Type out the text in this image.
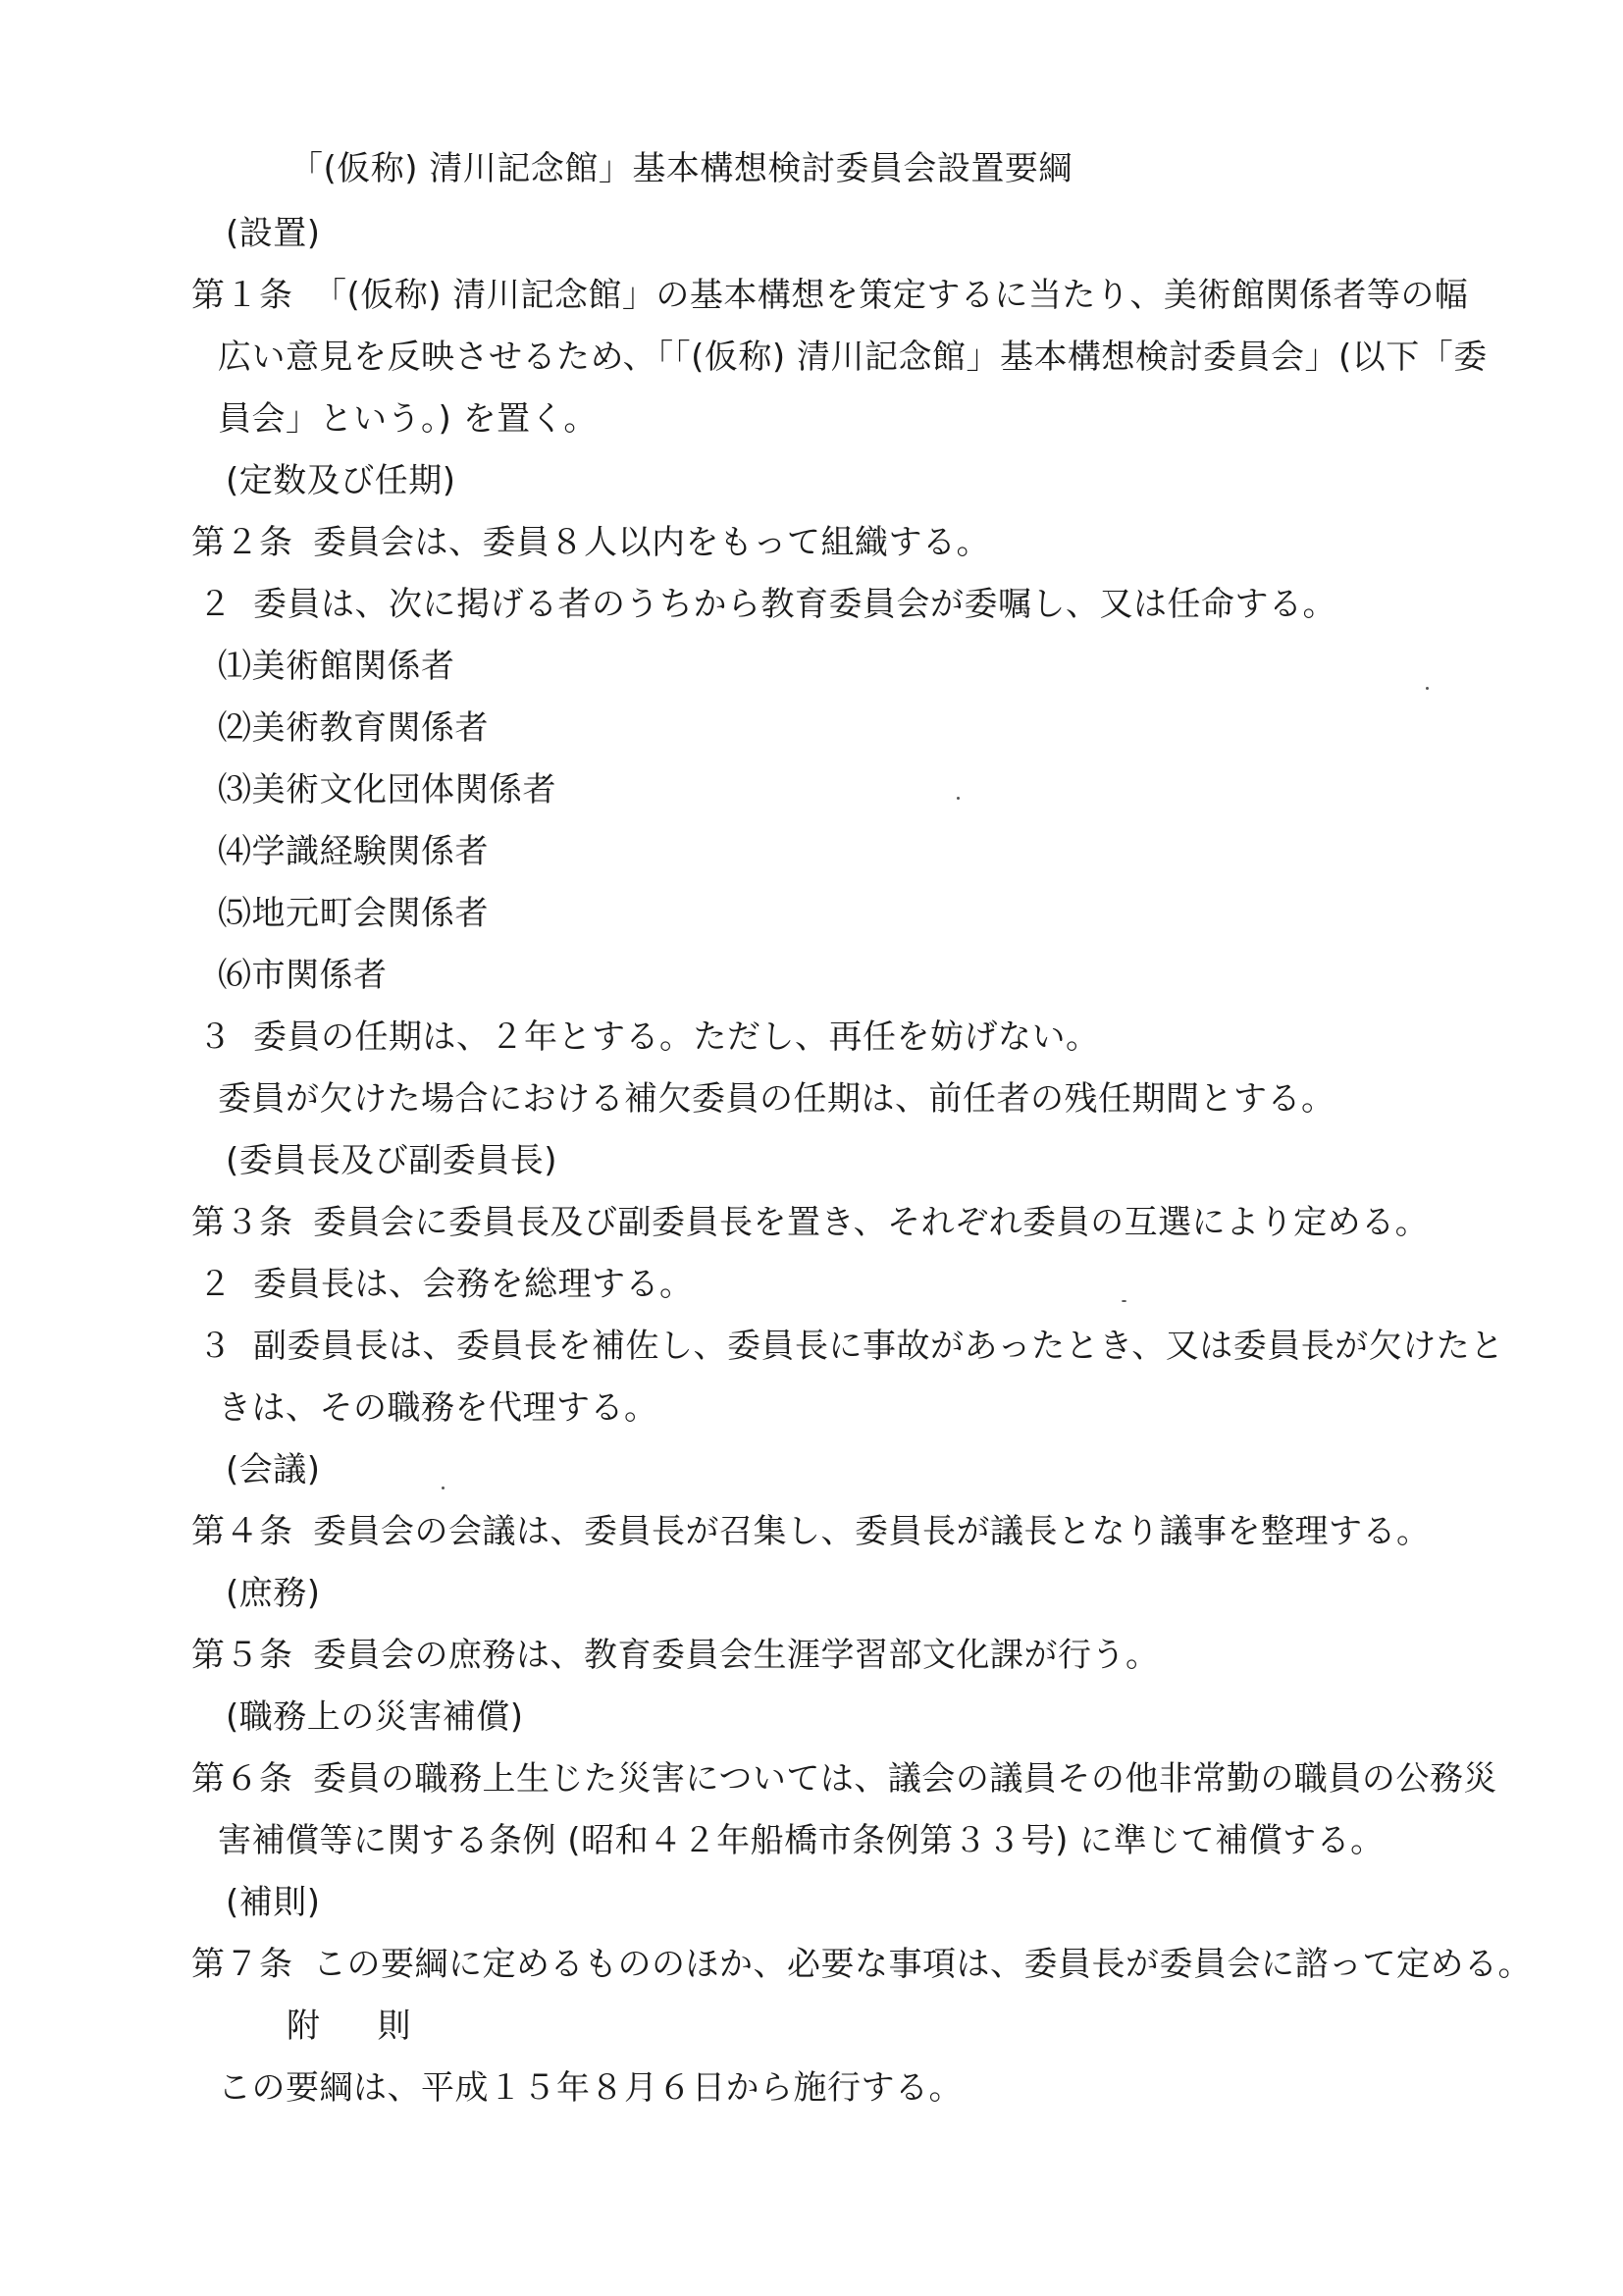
「(仮称) 清川記念館」基本構想検討委員会設置要綱
(設置)
第１条 「(仮称) 清川記念館」の基本構想を策定するに当たり、美術館関係者等の幅
広い意見を反映させるため、「「(仮称) 清川記念館」基本構想検討委員会」(以下「委
員会」という。) を置く。
(定数及び任期)
第２条 委員会は、委員８人以内をもって組織する。
２ 委員は、次に掲げる者のうちから教育委員会が委嘱し、又は任命する。
⑴美術館関係者
⑵美術教育関係者
⑶美術文化団体関係者
⑷学識経験関係者
⑸地元町会関係者
⑹市関係者
３ 委員の任期は、２年とする。ただし、再任を妨げない。
委員が欠けた場合における補欠委員の任期は、前任者の残任期間とする。
(委員長及び副委員長)
第３条 委員会に委員長及び副委員長を置き、それぞれ委員の互選により定める。
２ 委員長は、会務を総理する。
３ 副委員長は、委員長を補佐し、委員長に事故があったとき、又は委員長が欠けたと
きは、その職務を代理する。
(会議)
第４条 委員会の会議は、委員長が召集し、委員長が議長となり議事を整理する。
(庶務)
第５条 委員会の庶務は、教育委員会生涯学習部文化課が行う。
(職務上の災害補償)
第６条 委員の職務上生じた災害については、議会の議員その他非常勤の職員の公務災
害補償等に関する条例 (昭和４２年船橋市条例第３３号) に準じて補償する。
(補則)
第７条 この要綱に定めるもののほか、必要な事項は、委員長が委員会に諮って定める。
附 則
この要綱は、平成１５年８月６日から施行する。
